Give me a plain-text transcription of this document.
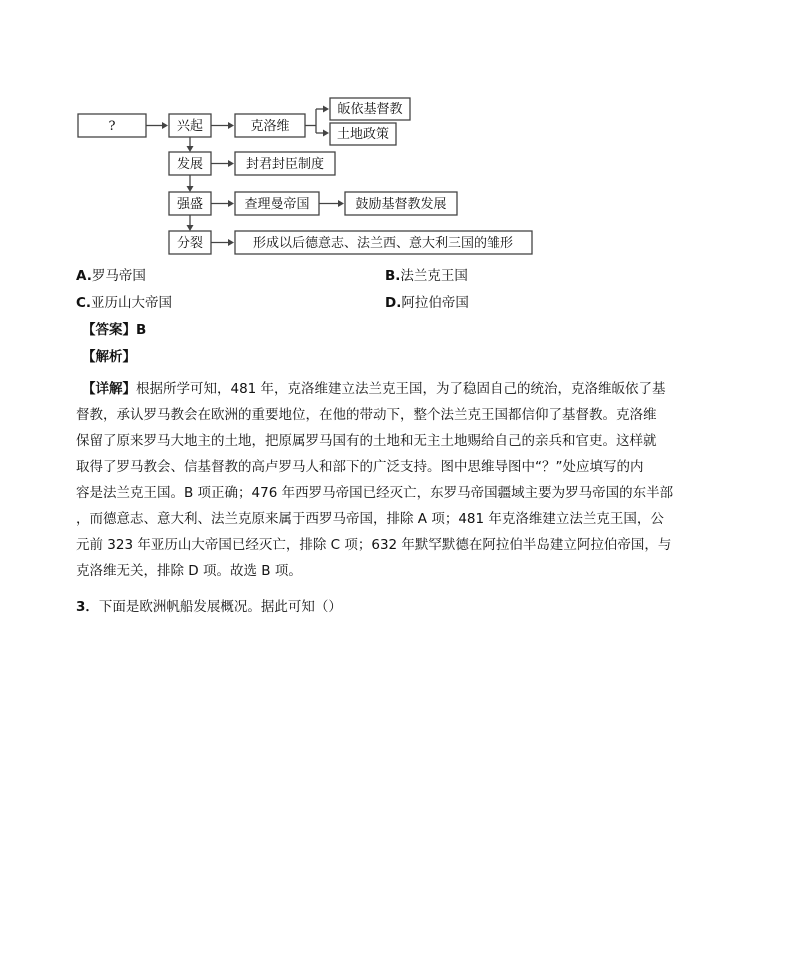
?	兴起
发展
强盛
分裂
克洛维
皈依基督教
土地政策
封君封臣制度
查理曼帝国	鼓励基督教发展
形成以后德意志、法兰西、意大利三国的雏形
A.罗马帝国	B.法兰克王国
C.亚历山大帝国	D.阿拉伯帝国
【答案】B
【解析】
【详解】根据所学可知，481 年，克洛维建立法兰克王国，为了稳固自己的统治，克洛维皈依了基
督教，承认罗马教会在欧洲的重要地位，在他的带动下，整个法兰克王国都信仰了基督教。克洛维
保留了原来罗马大地主的土地，把原属罗马国有的土地和无主土地赐给自己的亲兵和官吏。这样就
取得了罗马教会、信基督教的高卢罗马人和部下的广泛支持。图中思维导图中“？”处应填写的内
容是法兰克王国。B 项正确；476 年西罗马帝国已经灭亡，东罗马帝国疆域主要为罗马帝国的东半部
，而德意志、意大利、法兰克原来属于西罗马帝国，排除 A 项；481 年克洛维建立法兰克王国，公
元前 323 年亚历山大帝国已经灭亡，排除 C 项；632 年默罕默德在阿拉伯半岛建立阿拉伯帝国，与
克洛维无关，排除 D 项。故选 B 项。
3．下面是欧洲帆船发展概况。据此可知（）
